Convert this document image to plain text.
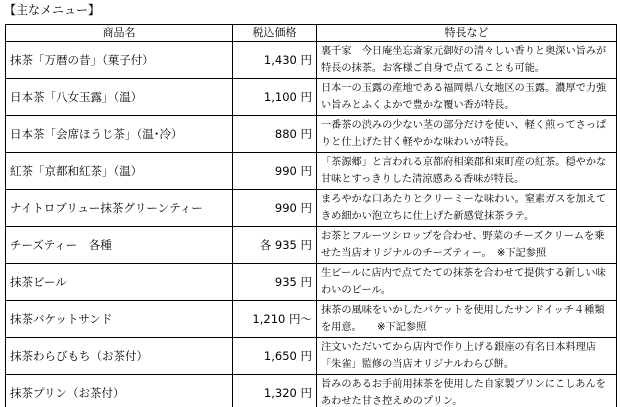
【主なメニュー】
商品名	税込価格	特長など
抹茶「万暦の昔」（菓子付）	1,430 円	裏千家　今日庵坐忘斎家元御好の清々しい香りと奥深い旨みが特長の抹茶。お客様ご自身で点てることも可能。
日本茶「八女玉露」（温）	1,100 円	日本一の玉露の産地である福岡県八女地区の玉露。濃厚で力強い旨みとふくよかで豊かな覆い香が特長。
日本茶「会席ほうじ茶」（温･冷）	880 円	一番茶の渋みの少ない茎の部分だけを使い、軽く煎ってさっぱりと仕上げた甘く軽やかな味わいが特長。
紅茶「京都和紅茶」（温）	990 円	「茶源郷」と言われる京都府相楽郡和束町産の紅茶。穏やかな甘味とすっきりした清涼感ある香味が特長。
ナイトロブリュー抹茶グリーンティー	990 円	まろやかな口あたりとクリーミーな味わい。窒素ガスを加えてきめ細かい泡立ちに仕上げた新感覚抹茶ラテ。
チーズティー　各種	各 935 円	お茶とフルーツシロップを合わせ、野菜のチーズクリームを乗せた当店オリジナルのチーズティー。　※下記参照
抹茶ビール	935 円	生ビールに店内で点てたての抹茶を合わせて提供する新しい味わいのビール。
抹茶バケットサンド	1,210 円～	抹茶の風味をいかしたバケットを使用したサンドイッチ４種類を用意。　　※下記参照
抹茶わらびもち（お茶付）	1,650 円	注文いただいてから店内で作り上げる銀座の有名日本料理店「朱雀」監修の当店オリジナルわらび餅。
抹茶プリン（お茶付）	1,320 円	旨みのあるお手前用抹茶を使用した自家製プリンにこしあんをあわせた甘さ控えめのプリン。
